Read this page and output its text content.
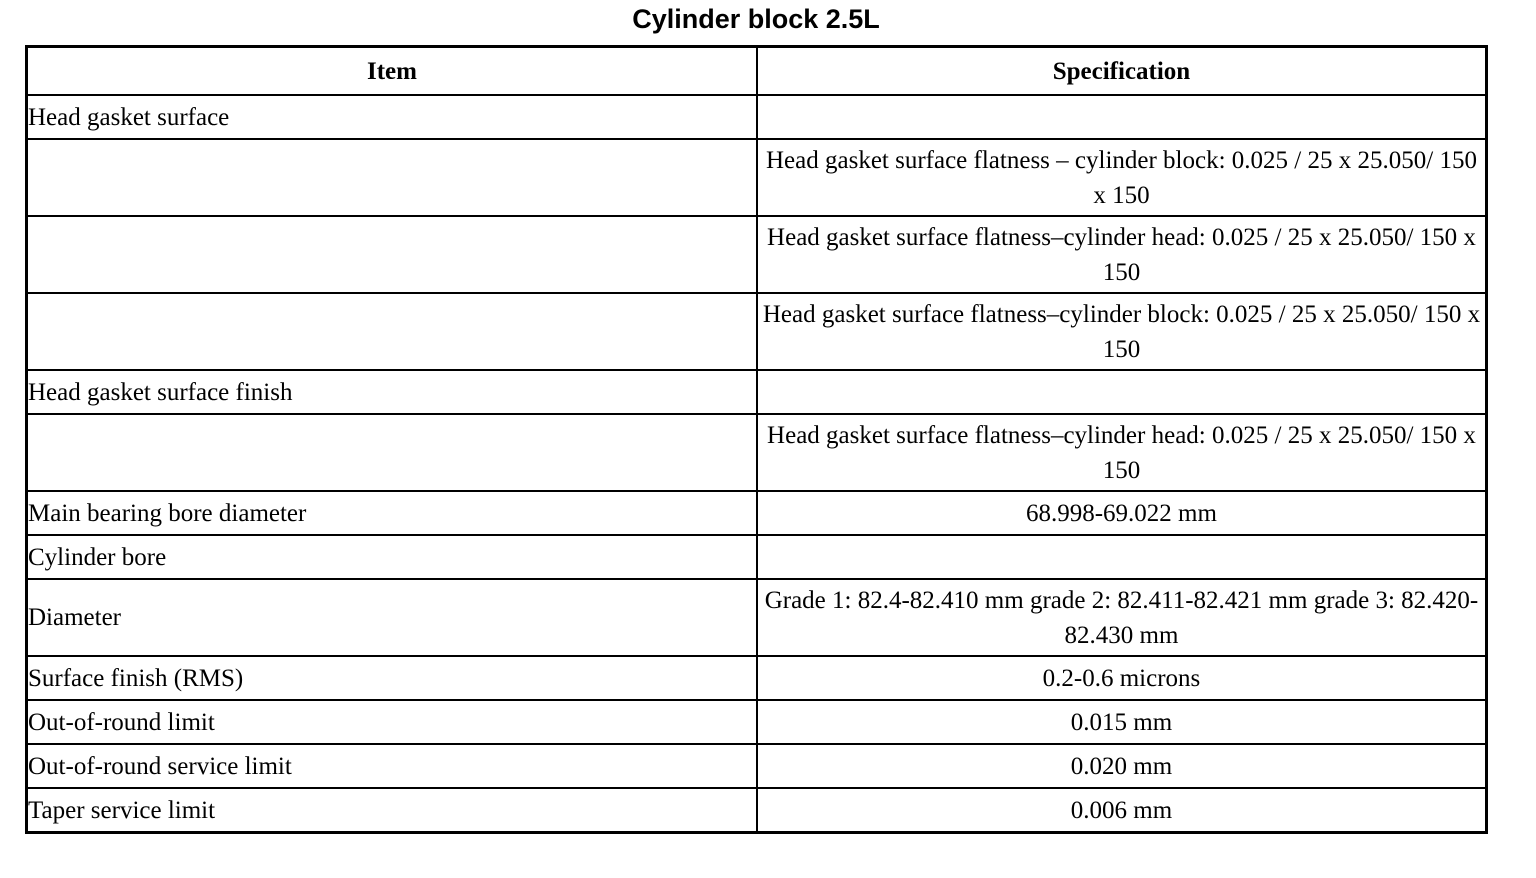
Cylinder block 2.5L
Item	Specification
Head gasket surface	
	Head gasket surface flatness – cylinder block: 0.025 / 25 x 25.050/ 150 x 150
	Head gasket surface flatness–cylinder head: 0.025 / 25 x 25.050/ 150 x 150
	Head gasket surface flatness–cylinder block: 0.025 / 25 x 25.050/ 150 x 150
Head gasket surface finish	
	Head gasket surface flatness–cylinder head: 0.025 / 25 x 25.050/ 150 x 150
Main bearing bore diameter	68.998-69.022 mm
Cylinder bore	
Diameter	Grade 1: 82.4-82.410 mm grade 2: 82.411-82.421 mm grade 3: 82.420-82.430 mm
Surface finish (RMS)	0.2-0.6 microns
Out-of-round limit	0.015 mm
Out-of-round service limit	0.020 mm
Taper service limit	0.006 mm
